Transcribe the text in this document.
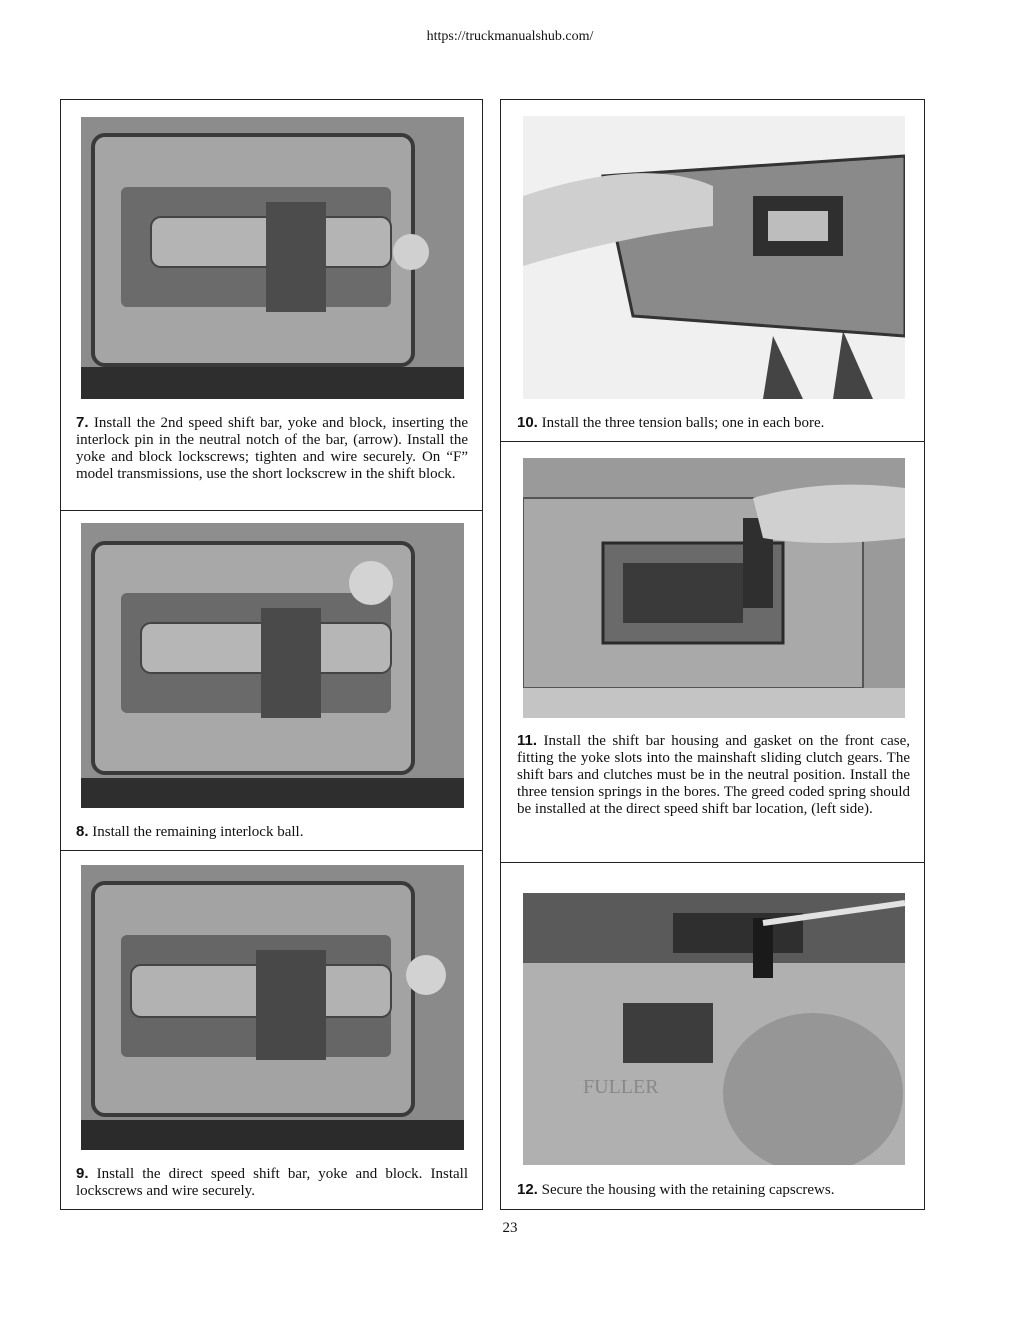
https://truckmanualshub.com/
7. Install the 2nd speed shift bar, yoke and block, inserting the interlock pin in the neutral notch of the bar, (arrow). Install the yoke and block lockscrews; tighten and wire securely. On “F” model transmissions, use the short lockscrew in the shift block.
8. Install the remaining interlock ball.
9. Install the direct speed shift bar, yoke and block. Install lockscrews and wire securely.
10. Install the three tension balls; one in each bore.
11. Install the shift bar housing and gasket on the front case, fitting the yoke slots into the mainshaft sliding clutch gears. The shift bars and clutches must be in the neutral position. Install the three tension springs in the bores. The greed coded spring should be installed at the direct speed shift bar location, (left side).
FULLER
12. Secure the housing with the retaining capscrews.
23
